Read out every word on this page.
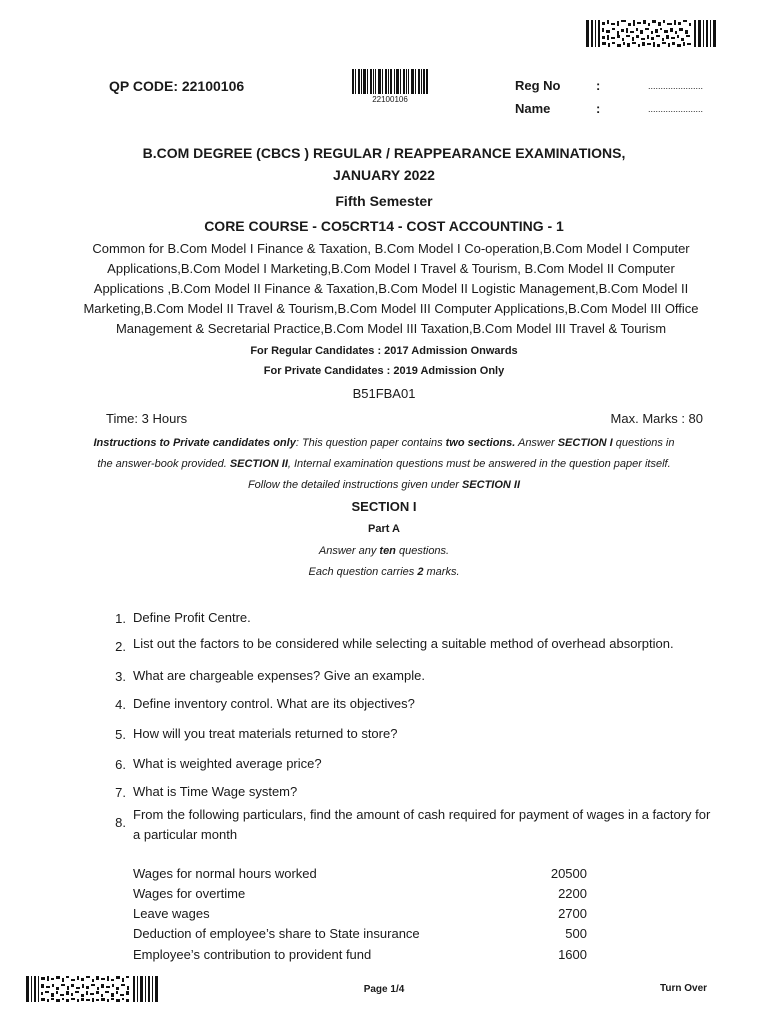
QP CODE: 22100106
22100106
Reg No	:	......................
Name	:	......................
B.COM DEGREE (CBCS ) REGULAR / REAPPEARANCE EXAMINATIONS,
JANUARY 2022
Fifth Semester
CORE COURSE - CO5CRT14 - COST ACCOUNTING - 1
Common for B.Com Model I Finance & Taxation, B.Com Model I Co-operation,B.Com Model I Computer
Applications,B.Com Model I Marketing,B.Com Model I Travel & Tourism, B.Com Model II Computer
Applications ,B.Com Model II Finance & Taxation,B.Com Model II Logistic Management,B.Com Model II
Marketing,B.Com Model II Travel & Tourism,B.Com Model III Computer Applications,B.Com Model III Office
Management & Secretarial Practice,B.Com Model III Taxation,B.Com Model III Travel & Tourism
For Regular Candidates : 2017 Admission Onwards
For Private Candidates : 2019 Admission Only
B51FBA01
Time: 3 Hours	Max. Marks : 80
Instructions to Private candidates only: This question paper contains two sections. Answer SECTION I questions in
the answer-book provided. SECTION II, Internal examination questions must be answered in the question paper itself.
Follow the detailed instructions given under SECTION II
SECTION I
Part A
Answer any ten questions.
Each question carries 2 marks.
1. Define Profit Centre.
2. List out the factors to be considered while selecting a suitable method of overhead absorption.
3. What are chargeable expenses? Give an example.
4. Define inventory control. What are its objectives?
5. How will you treat materials returned to store?
6. What is weighted average price?
7. What is Time Wage system?
8.
From the following particulars, find the amount of cash required for payment of wages in a factory for a particular month
Wages for normal hours worked	20500
Wages for overtime	2200
Leave wages	2700
Deduction of employee’s share to State insurance	500
Employee’s contribution to provident fund	1600
Page 1/4	Turn Over
